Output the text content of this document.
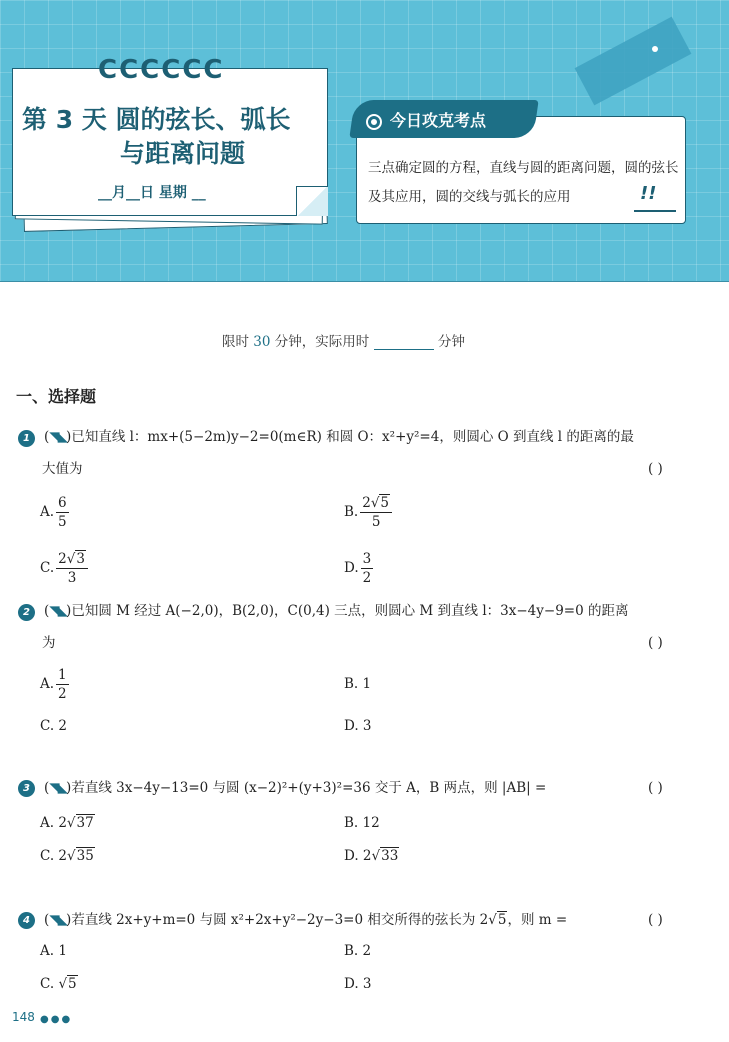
CCCCCC
第 3 天 圆的弦长、弧长
与距离问题
__月__日 星期 __
今日攻克考点
三点确定圆的方程，直线与圆的距离问题，圆的弦长及其应用，圆的交线与弧长的应用	!!
限时 30 分钟，实际用时	分钟
一、选择题
1	(◥◣)已知直线 l：mx+(5−2m)y−2=0(m∈R) 和圆 O：x²+y²=4，则圆心 O 到直线 l 的距离的最
大值为	( )
A. $\frac{6}{5}$	B. $\frac{2√5}{5}$
C. $\frac{2√3}{3}$	D. $\frac{3}{2}$
2	(◥◣)已知圆 M 经过 A(−2,0)，B(2,0)，C(0,4) 三点，则圆心 M 到直线 l：3x−4y−9=0 的距离
为	( )
A. $\frac{1}{2}$	B. 1
C. 2	D. 3
3	(◥◣)若直线 3x−4y−13=0 与圆 (x−2)²+(y+3)²=36 交于 A，B 两点，则 |AB| =	( )
A. 2√37	B. 12
C. 2√35	D. 2√33
4	(◥◣)若直线 2x+y+m=0 与圆 x²+2x+y²−2y−3=0 相交所得的弦长为 2√5，则 m =	( )
A. 1	B. 2
C. √5	D. 3
148 ●●●
